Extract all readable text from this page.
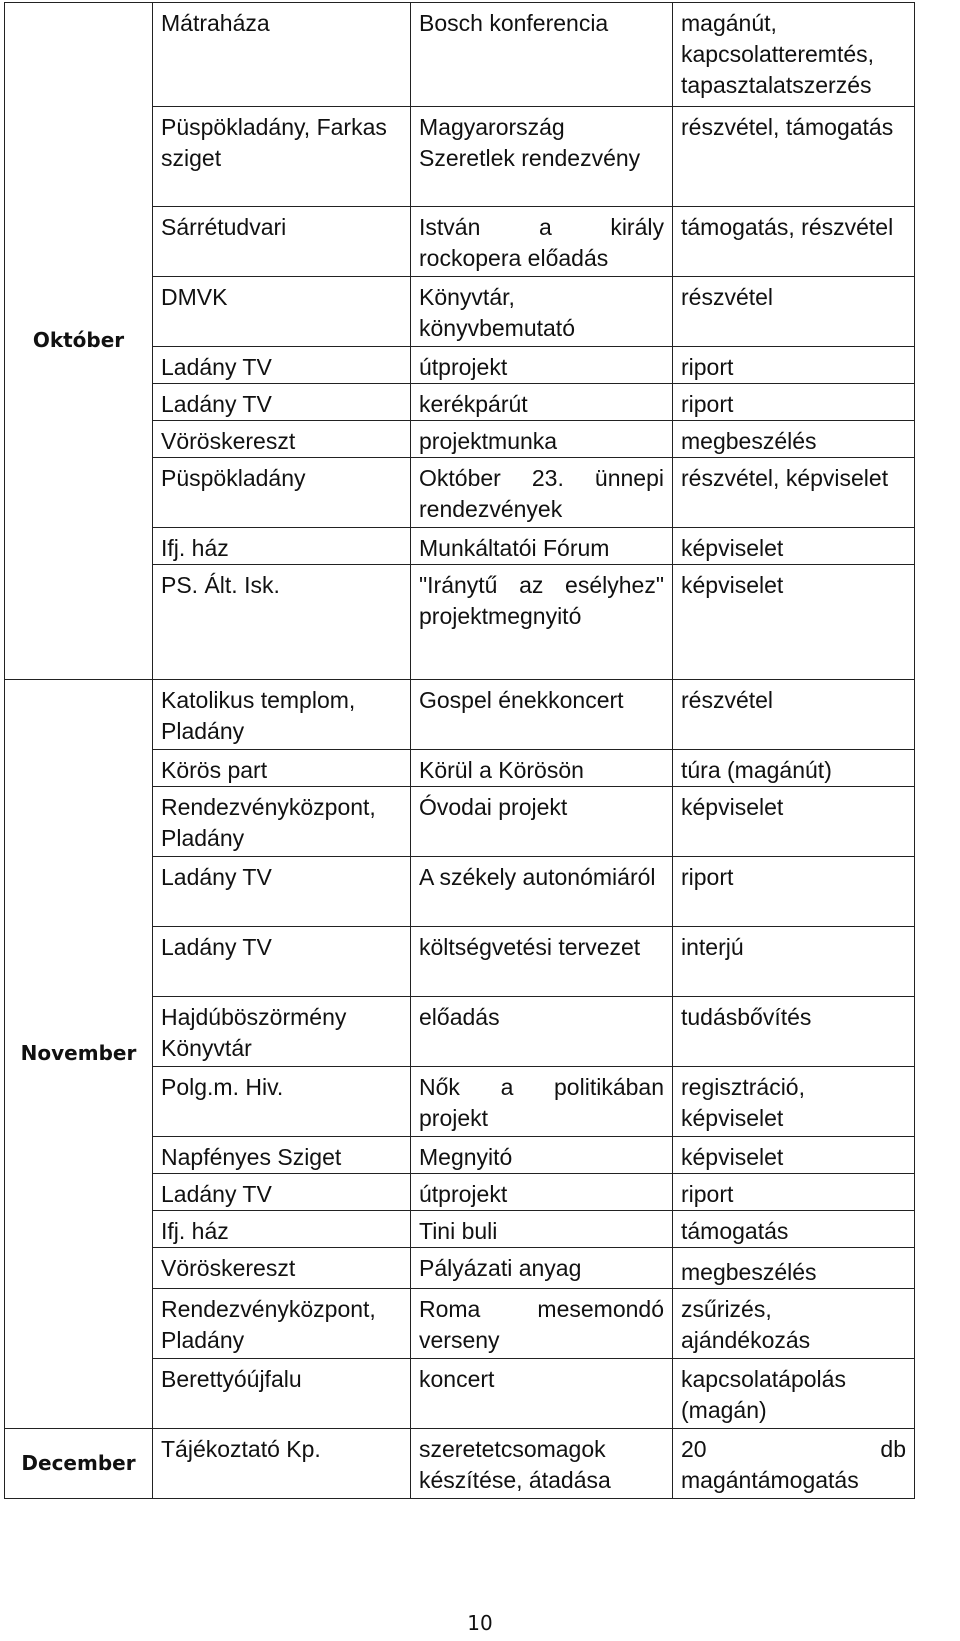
Október	Mátraháza	Bosch konferencia	magánút, kapcsolatteremtés, tapasztalatszerzés
	Püspökladány, Farkas sziget	Magyarország Szeretlek rendezvény	részvétel, támogatás
	Sárrétudvari	István a király rockopera előadás	támogatás, részvétel
	DMVK	Könyvtár, könyvbemutató	részvétel
	Ladány TV	útprojekt	riport
	Ladány TV	kerékpárút	riport
	Vöröskereszt	projektmunka	megbeszélés
	Püspökladány	Október 23. ünnepi rendezvények	részvétel, képviselet
	Ifj. ház	Munkáltatói Fórum	képviselet
	PS. Ált. Isk.	"Iránytű az esélyhez" projektmegnyitó	képviselet

November	Katolikus templom, Pladány	Gospel énekkoncert	részvétel
	Körös part	Körül a Körösön	túra (magánút)
	Rendezvényközpont, Pladány	Óvodai projekt	képviselet
	Ladány TV	A székely autonómiáról	riport
	Ladány TV	költségvetési tervezet	interjú
	Hajdúböszörmény Könyvtár	előadás	tudásbővítés
	Polg.m. Hiv.	Nők a politikában projekt	regisztráció, képviselet
	Napfényes Sziget	Megnyitó	képviselet
	Ladány TV	útprojekt	riport
	Ifj. ház	Tini buli	támogatás
	Vöröskereszt	Pályázati anyag	megbeszélés
	Rendezvényközpont, Pladány	Roma mesemondó verseny	zsűrizés, ajándékozás
	Berettyóújfalu	koncert	kapcsolatápolás (magán)
December	Tájékoztató Kp.	szeretetcsomagok készítése, átadása	20 db magántámogatás
10
